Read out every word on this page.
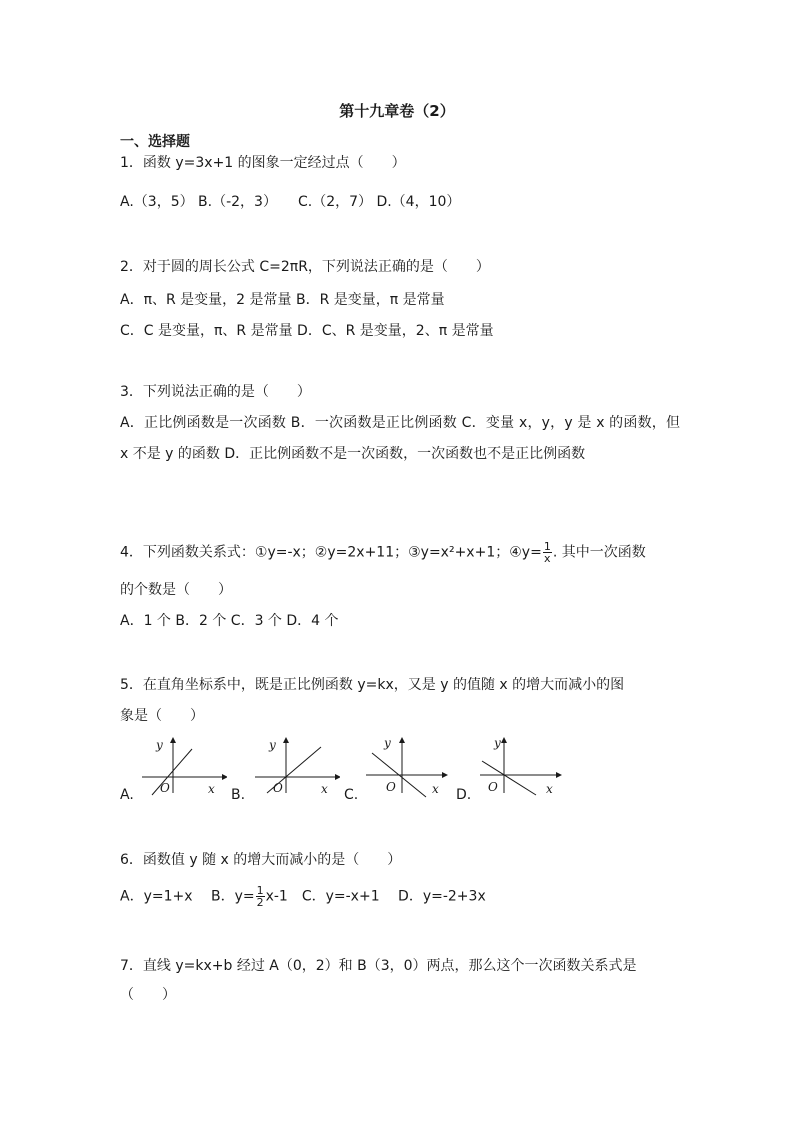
第十九章卷（2）
一、选择题
1．函数 y=3x+1 的图象一定经过点（　　）
A.（3，5） B.（-2，3）　　C.（2，7） D.（4，10）
2．对于圆的周长公式 C=2πR，下列说法正确的是（　　）
A．π、R 是变量，2 是常量 B．R 是变量，π 是常量
C．C 是变量，π、R 是常量 D．C、R 是变量，2、π 是常量
3．下列说法正确的是（　　）
A．正比例函数是一次函数 B．一次函数是正比例函数 C．变量 x，y，y 是 x 的函数，但 x 不是 y 的函数 D．正比例函数不是一次函数，一次函数也不是正比例函数
4．下列函数关系式：①y=-x；②y=2x+11；③y=x²+x+1；④y= $\frac{1}{x}$ . 其中一次函数
的个数是（　　）
A．1 个 B．2 个 C．3 个 D．4 个
5．在直角坐标系中，既是正比例函数 y=kx，又是 y 的值随 x 的增大而减小的图
象是（　　）
A.
y
O	x B.
y
O	x C.
y
O	x D.
y
O	x
6．函数值 y 随 x 的增大而减小的是（　　）
A．y=1+x　 B．$y= \frac{1}{2} x-1$　C．y=-x+1　 D．y=-2+3x
7．直线 y=kx+b 经过 A（0，2）和 B（3，0）两点，那么这个一次函数关系式是
（　　）
